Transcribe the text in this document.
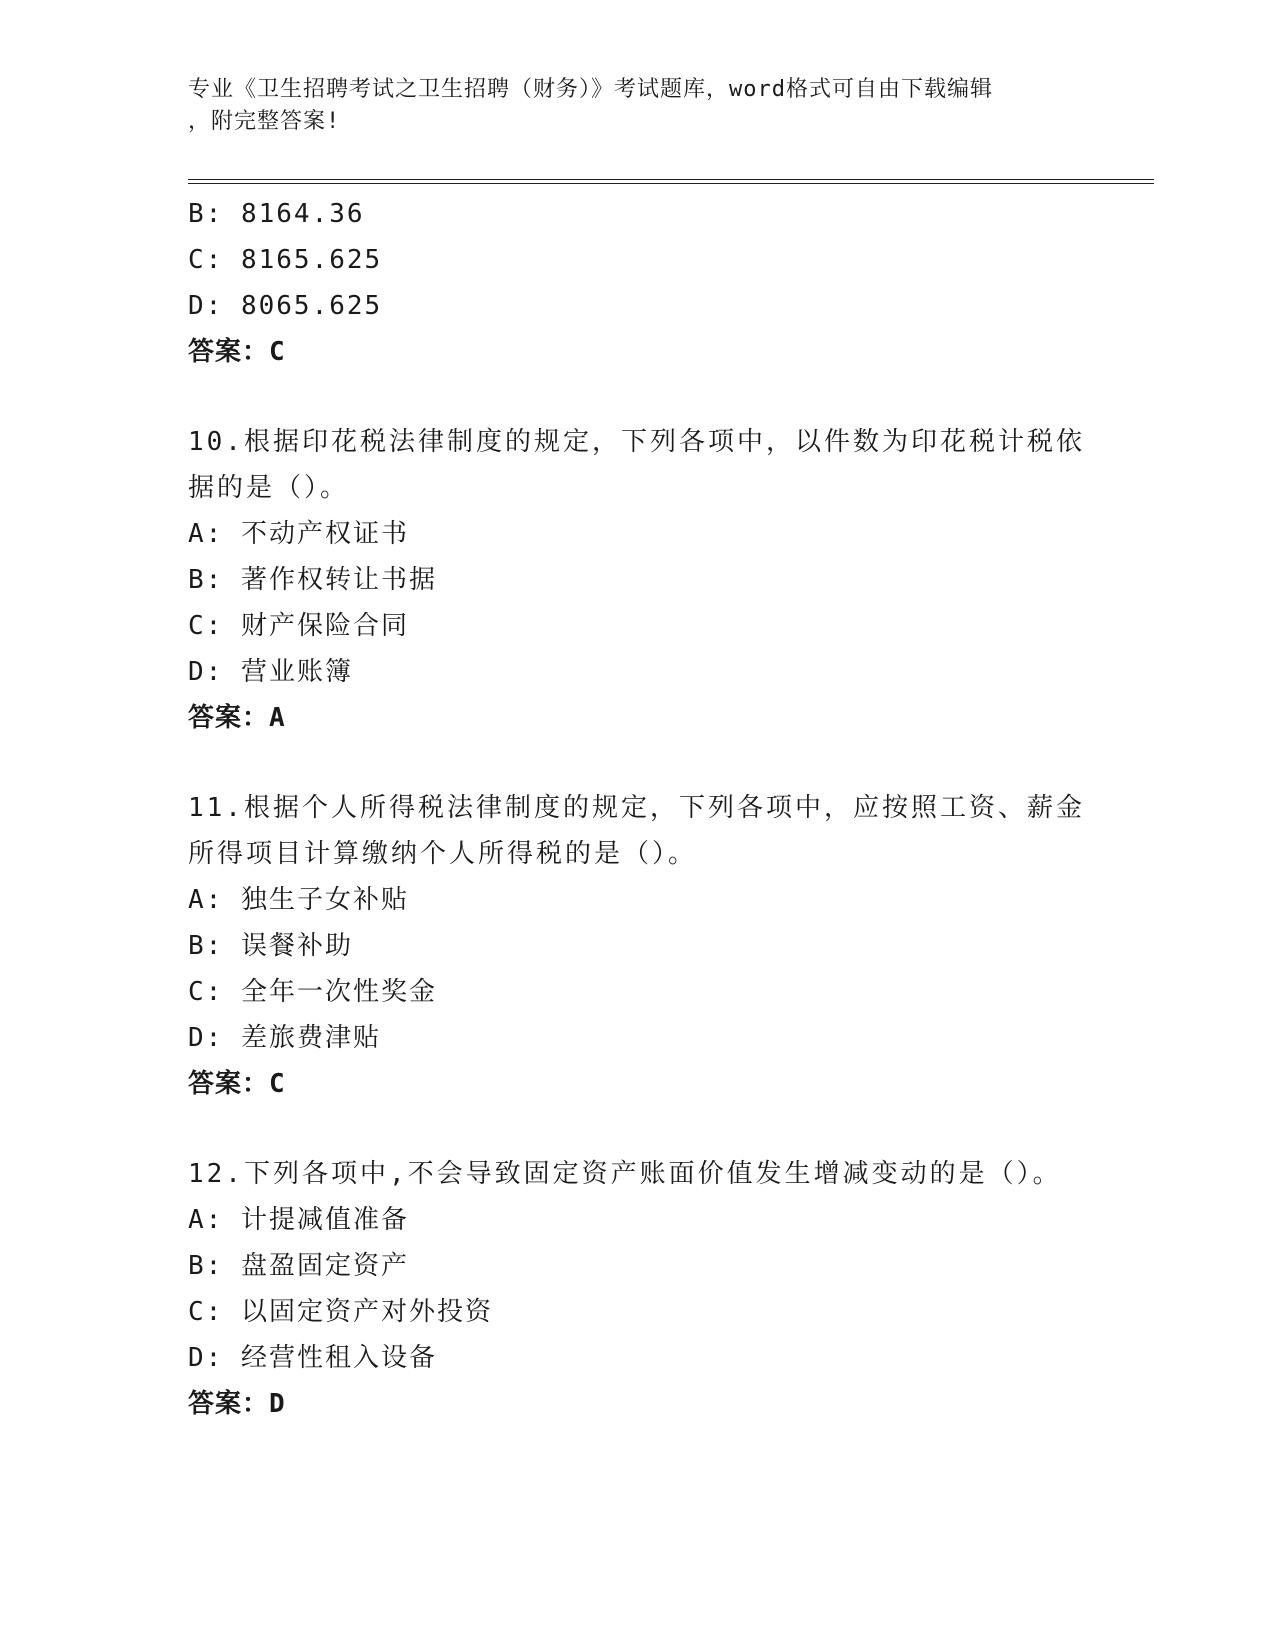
专业《卫生招聘考试之卫生招聘（财务）》考试题库，word格式可自由下载编辑
，附完整答案!
B: 8164.36
C: 8165.625
D: 8065.625
答案：C
10.根据印花税法律制度的规定，下列各项中，以件数为印花税计税依
据的是（）。
A: 不动产权证书
B: 著作权转让书据
C: 财产保险合同
D: 营业账簿
答案：A
11.根据个人所得税法律制度的规定，下列各项中，应按照工资、薪金
所得项目计算缴纳个人所得税的是（）。
A: 独生子女补贴
B: 误餐补助
C: 全年一次性奖金
D: 差旅费津贴
答案：C
12.下列各项中,不会导致固定资产账面价值发生增减变动的是（）。
A: 计提减值准备
B: 盘盈固定资产
C: 以固定资产对外投资
D: 经营性租入设备
答案：D
